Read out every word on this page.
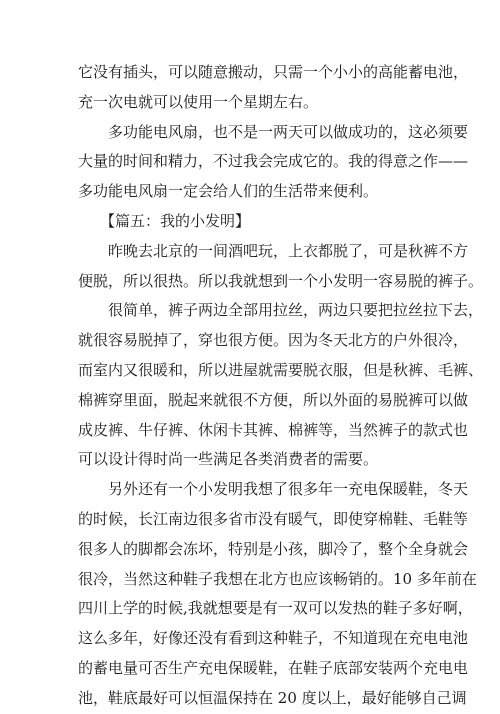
它没有插头，可以随意搬动，只需一个小小的高能蓄电池，
充一次电就可以使用一个星期左右。
多功能电风扇，也不是一两天可以做成功的，这必须要
大量的时间和精力，不过我会完成它的。我的得意之作——
多功能电风扇一定会给人们的生活带来便利。
【篇五：我的小发明】
昨晚去北京的一间酒吧玩，上衣都脱了，可是秋裤不方
便脱，所以很热。所以我就想到一个小发明一容易脱的裤子。
很简单，裤子两边全部用拉丝，两边只要把拉丝拉下去，
就很容易脱掉了，穿也很方便。因为冬天北方的户外很冷，
而室内又很暖和，所以进屋就需要脱衣服，但是秋裤、毛裤、
棉裤穿里面，脱起来就很不方便，所以外面的易脱裤可以做
成皮裤、牛仔裤、休闲卡其裤、棉裤等，当然裤子的款式也
可以设计得时尚一些满足各类消费者的需要。
另外还有一个小发明我想了很多年一充电保暖鞋，冬天
的时候，长江南边很多省市没有暖气，即使穿棉鞋、毛鞋等
很多人的脚都会冻坏，特别是小孩，脚冷了，整个全身就会
很冷，当然这种鞋子我想在北方也应该畅销的。10 多年前在
四川上学的时候,我就想要是有一双可以发热的鞋子多好啊，
这么多年，好像还没有看到这种鞋子，不知道现在充电电池
的蓄电量可否生产充电保暖鞋，在鞋子底部安装两个充电电
池，鞋底最好可以恒温保持在 20 度以上，最好能够自己调
